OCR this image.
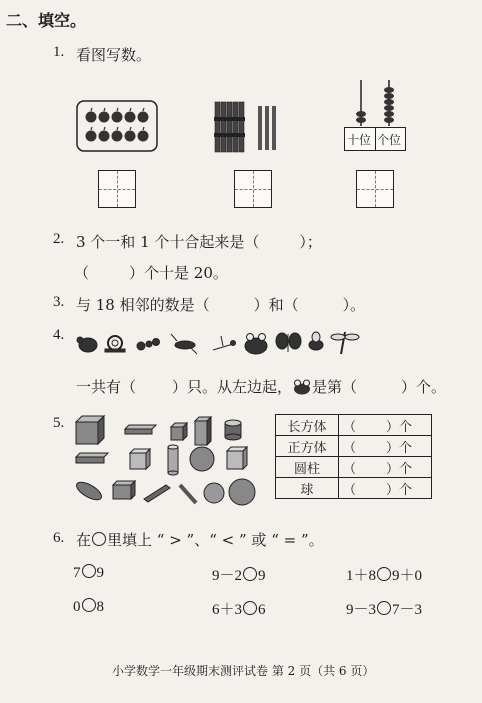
二、填空。
1. 看图写数。
十位 个位
2. 3 个一和 1 个十合起来是（	）；
（	）个十是 20。
3. 与 18 相邻的数是（	）和（	）。
4.
一共有（ ）只。从左边起， 是第（	）个。
5.	长方体	（ ）个
正方体	（ ）个
圆柱	（ ）个
球	（ ）个
6. 在 里填上 “ > ”、“ < ” 或 “ = ”。
7 9	9－2 9	1＋8 9＋0
0 8	6＋3 6	9－3 7－3
小学数学一年级期末测评试卷 第 2 页（共 6 页）
